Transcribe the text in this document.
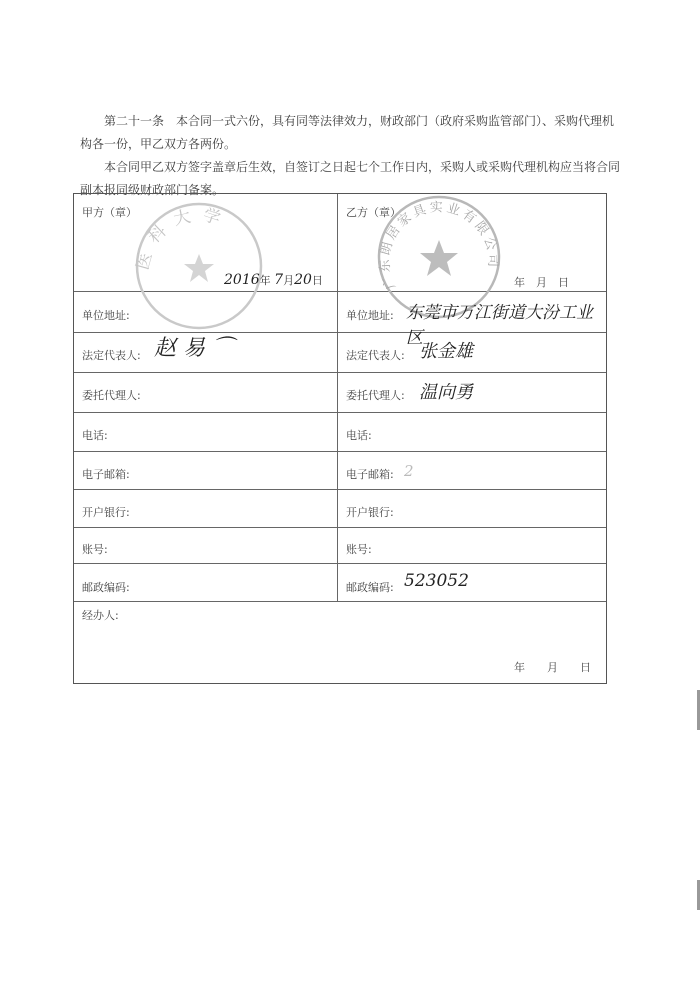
第二十一条　本合同一式六份，具有同等法律效力，财政部门（政府采购监管部门）、采购代理机构各一份，甲乙双方各两份。
本合同甲乙双方签字盖章后生效，自签订之日起七个工作日内，采购人或采购代理机构应当将合同副本报同级财政部门备案。
医科大学
广东朗居家具实业有限公司
甲方（章）	乙方（章）
2016年 7月20日	年　月　日
单位地址:	单位地址: 东莞市万江街道大汾工业区
法定代表人: 赵 易 ⌒	法定代表人: 张金雄
委托代理人:	委托代理人: 温向勇
电话:	电话:
电子邮箱:	电子邮箱: 2
开户银行:	开户银行:
账号:	账号:
邮政编码:	邮政编码: 523052
经办人:
年　　月　　日
